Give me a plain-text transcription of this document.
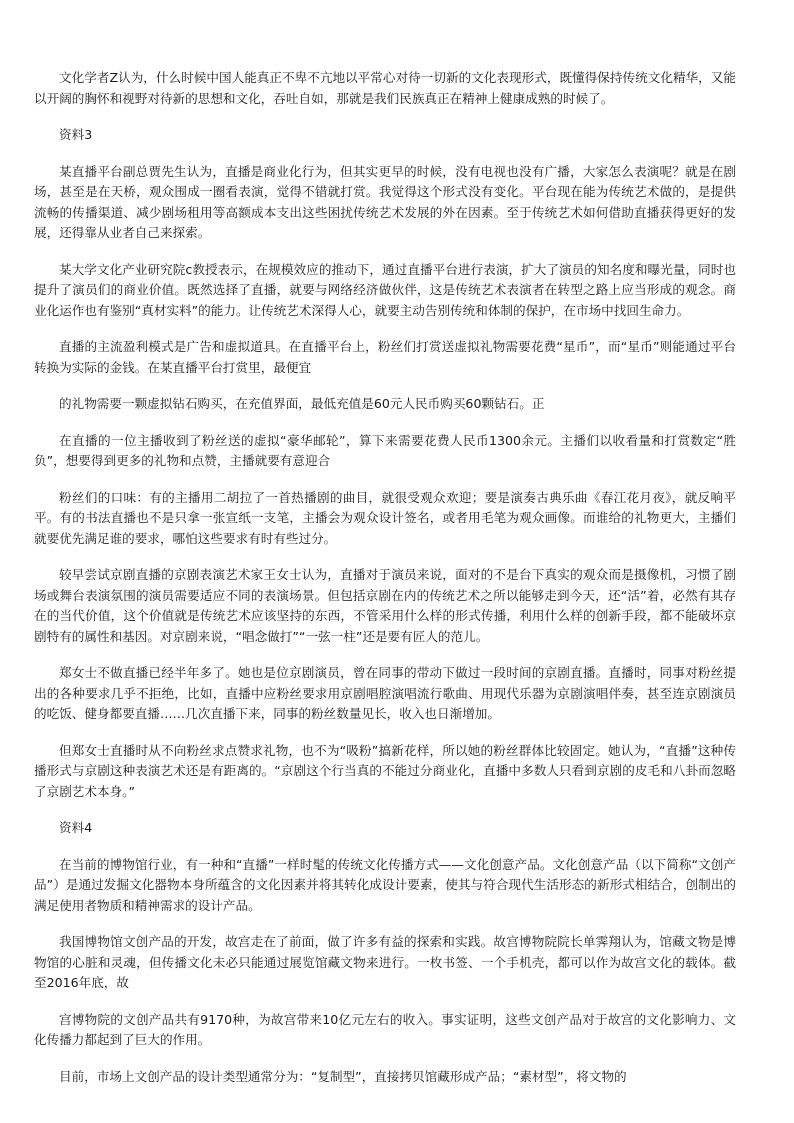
文化学者Z认为，什么时候中国人能真正不卑不亢地以平常心对待一切新的文化表现形式，既懂得保持传统文化精华，又能以开阔的胸怀和视野对待新的思想和文化，吞吐自如，那就是我们民族真正在精神上健康成熟的时候了。

资料3

某直播平台副总贾先生认为，直播是商业化行为，但其实更早的时候，没有电视也没有广播，大家怎么表演呢？就是在剧场，甚至是在天桥，观众围成一圈看表演，觉得不错就打赏。我觉得这个形式没有变化。平台现在能为传统艺术做的，是提供流畅的传播渠道、减少剧场租用等高额成本支出这些困扰传统艺术发展的外在因素。至于传统艺术如何借助直播获得更好的发展，还得靠从业者自己来探索。

某大学文化产业研究院c教授表示，在规模效应的推动下，通过直播平台进行表演，扩大了演员的知名度和曝光量，同时也提升了演员们的商业价值。既然选择了直播，就要与网络经济做伙伴，这是传统艺术表演者在转型之路上应当形成的观念。商业化运作也有鉴别“真材实料”的能力。让传统艺术深得人心，就要主动告别传统和体制的保护，在市场中找回生命力。

直播的主流盈利模式是广告和虚拟道具。在直播平台上，粉丝们打赏送虚拟礼物需要花费“星币”，而“星币”则能通过平台转换为实际的金钱。在某直播平台打赏里，最便宜

的礼物需要一颗虚拟钻石购买，在充值界面，最低充值是60元人民币购买60颗钻石。正

在直播的一位主播收到了粉丝送的虚拟“豪华邮轮”，算下来需要花费人民币1300余元。主播们以收看量和打赏数定“胜负”，想要得到更多的礼物和点赞，主播就要有意迎合

粉丝们的口味：有的主播用二胡拉了一首热播剧的曲目，就很受观众欢迎；要是演奏古典乐曲《春江花月夜》，就反响平平。有的书法直播也不是只拿一张宣纸一支笔，主播会为观众设计签名，或者用毛笔为观众画像。而谁给的礼物更大，主播们就要优先满足谁的要求，哪怕这些要求有时有些过分。

较早尝试京剧直播的京剧表演艺术家王女士认为，直播对于演员来说，面对的不是台下真实的观众而是摄像机，习惯了剧场或舞台表演氛围的演员需要适应不同的表演场景。但包括京剧在内的传统艺术之所以能够走到今天，还“活”着，必然有其存在的当代价值，这个价值就是传统艺术应该坚持的东西，不管采用什么样的形式传播，利用什么样的创新手段，都不能破坏京剧特有的属性和基因。对京剧来说，“唱念做打”“一弦一柱”还是要有匠人的范儿。

郑女士不做直播已经半年多了。她也是位京剧演员，曾在同事的带动下做过一段时间的京剧直播。直播时，同事对粉丝提出的各种要求几乎不拒绝，比如，直播中应粉丝要求用京剧唱腔演唱流行歌曲、用现代乐器为京剧演唱伴奏，甚至连京剧演员的吃饭、健身都要直播……几次直播下来，同事的粉丝数量见长，收入也日渐增加。

但郑女士直播时从不向粉丝求点赞求礼物，也不为“吸粉”搞新花样，所以她的粉丝群体比较固定。她认为，“直播”这种传播形式与京剧这种表演艺术还是有距离的。“京剧这个行当真的不能过分商业化，直播中多数人只看到京剧的皮毛和八卦而忽略了京剧艺术本身。”

资料4

在当前的博物馆行业，有一种和“直播”一样时髦的传统文化传播方式——文化创意产品。文化创意产品（以下简称“文创产品”）是通过发掘文化器物本身所蕴含的文化因素并将其转化成设计要素，使其与符合现代生活形态的新形式相结合，创制出的满足使用者物质和精神需求的设计产品。

我国博物馆文创产品的开发，故宫走在了前面，做了许多有益的探索和实践。故宫博物院院长单霁翔认为，馆藏文物是博物馆的心脏和灵魂，但传播文化未必只能通过展览馆藏文物来进行。一枚书签、一个手机壳，都可以作为故宫文化的载体。截至2016年底，故

宫博物院的文创产品共有9170种，为故宫带来10亿元左右的收入。事实证明，这些文创产品对于故宫的文化影响力、文化传播力都起到了巨大的作用。

目前，市场上文创产品的设计类型通常分为：“复制型”，直接拷贝馆藏形成产品；“素材型”，将文物的
